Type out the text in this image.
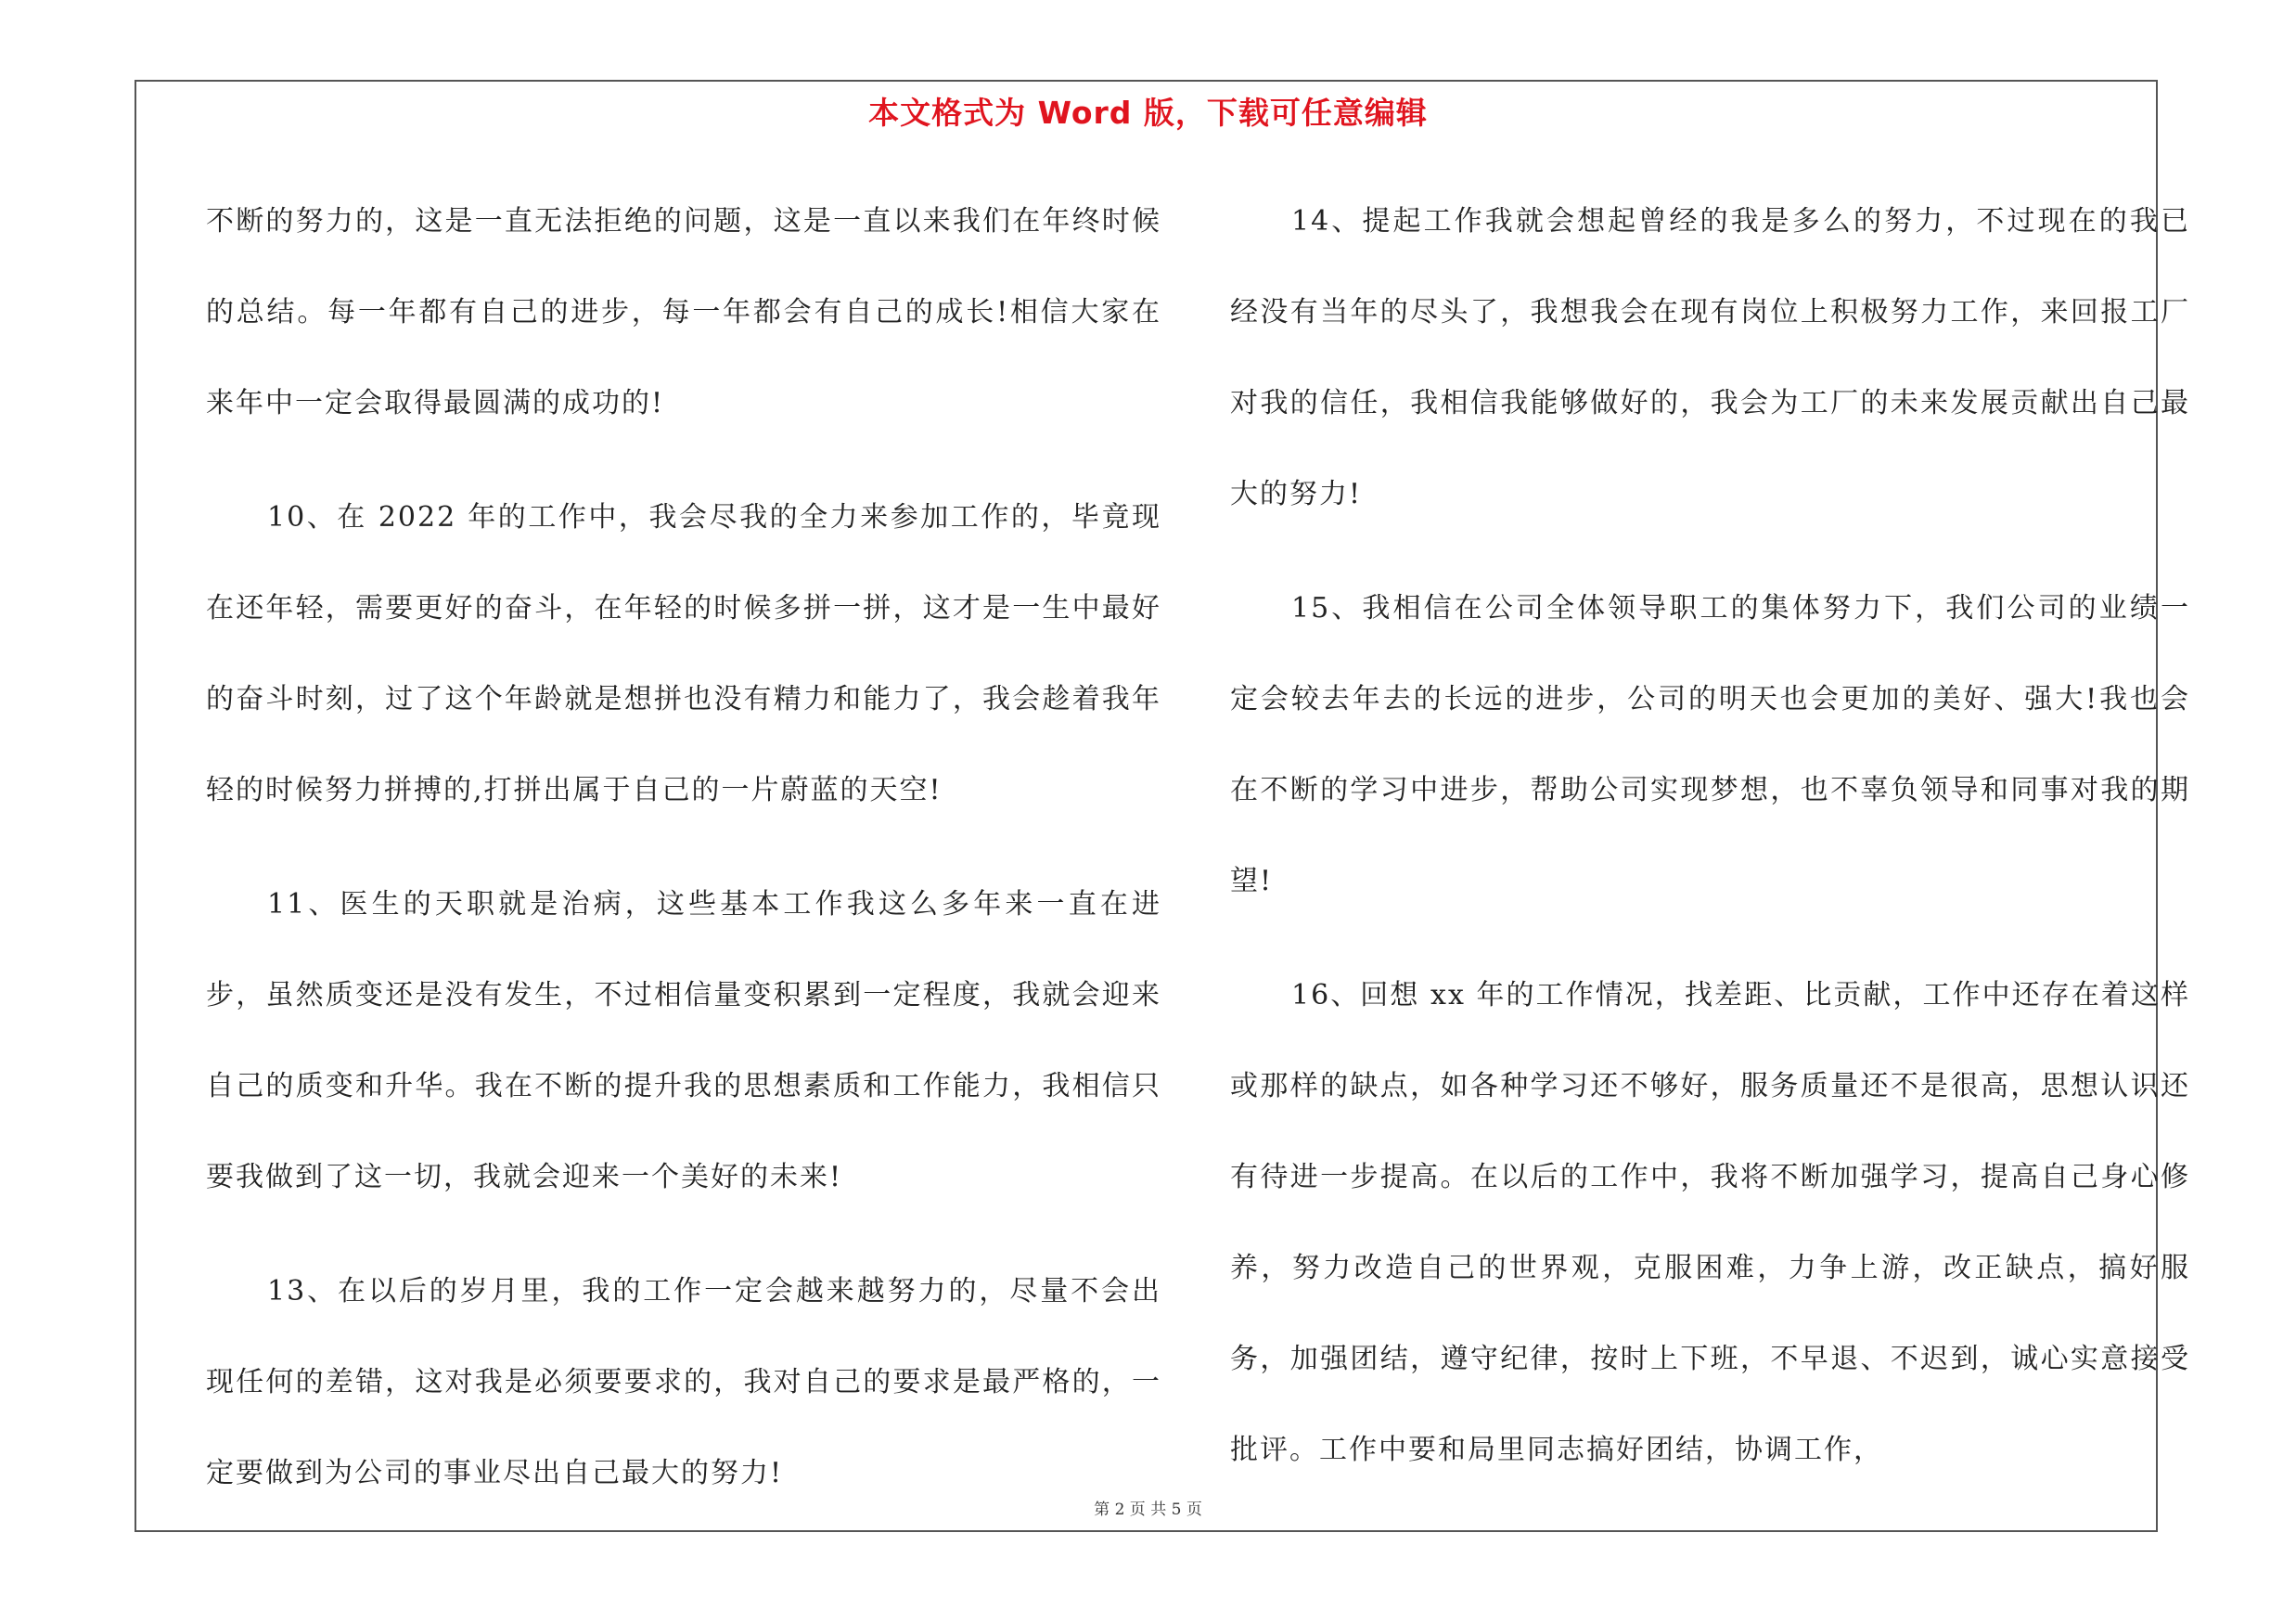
本文格式为 Word 版，下载可任意编辑

不断的努力的，这是一直无法拒绝的问题，这是一直以来我们在年终时候的总结。每一年都有自己的进步，每一年都会有自己的成长!相信大家在来年中一定会取得最圆满的成功的!

10、在 2022 年的工作中，我会尽我的全力来参加工作的，毕竟现在还年轻，需要更好的奋斗，在年轻的时候多拼一拼，这才是一生中最好的奋斗时刻，过了这个年龄就是想拼也没有精力和能力了，我会趁着我年轻的时候努力拼搏的,打拼出属于自己的一片蔚蓝的天空!

11、医生的天职就是治病，这些基本工作我这么多年来一直在进步，虽然质变还是没有发生，不过相信量变积累到一定程度，我就会迎来自己的质变和升华。我在不断的提升我的思想素质和工作能力，我相信只要我做到了这一切，我就会迎来一个美好的未来!

13、在以后的岁月里，我的工作一定会越来越努力的，尽量不会出现任何的差错，这对我是必须要要求的，我对自己的要求是最严格的，一定要做到为公司的事业尽出自己最大的努力!

14、提起工作我就会想起曾经的我是多么的努力，不过现在的我已经没有当年的尽头了，我想我会在现有岗位上积极努力工作，来回报工厂对我的信任，我相信我能够做好的，我会为工厂的未来发展贡献出自己最大的努力!

15、我相信在公司全体领导职工的集体努力下，我们公司的业绩一定会较去年去的长远的进步，公司的明天也会更加的美好、强大!我也会在不断的学习中进步，帮助公司实现梦想，也不辜负领导和同事对我的期望!

16、回想 xx 年的工作情况，找差距、比贡献，工作中还存在着这样或那样的缺点，如各种学习还不够好，服务质量还不是很高，思想认识还有待进一步提高。在以后的工作中，我将不断加强学习，提高自己身心修养，努力改造自己的世界观，克服困难，力争上游，改正缺点，搞好服务，加强团结，遵守纪律，按时上下班，不早退、不迟到，诚心实意接受批评。工作中要和局里同志搞好团结，协调工作，

第 2 页 共 5 页
